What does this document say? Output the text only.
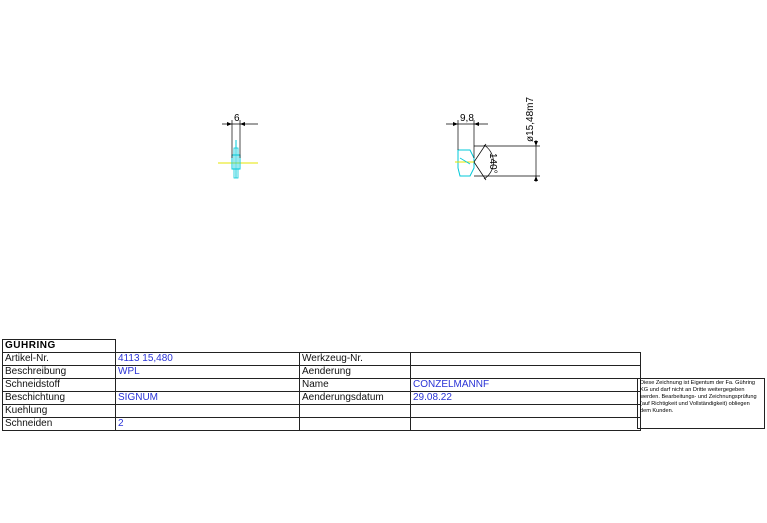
6	9,8	ø15,48m7
140°
GÜHRING			
Artikel-Nr.	4113 15,480	Werkzeug-Nr.	
Beschreibung	WPL	Aenderung	
Schneidstoff		Name	CONZELMANNF
Beschichtung	SIGNUM	Aenderungsdatum	29.08.22
Kuehlung			
Schneiden	2		
Diese Zeichnung ist Eigentum der Fa. Gühring KG und darf nicht an Dritte weitergegeben werden. Bearbeitungs- und Zeichnungsprüfung (auf Richtigkeit und Vollständigkeit) obliegen dem Kunden.
